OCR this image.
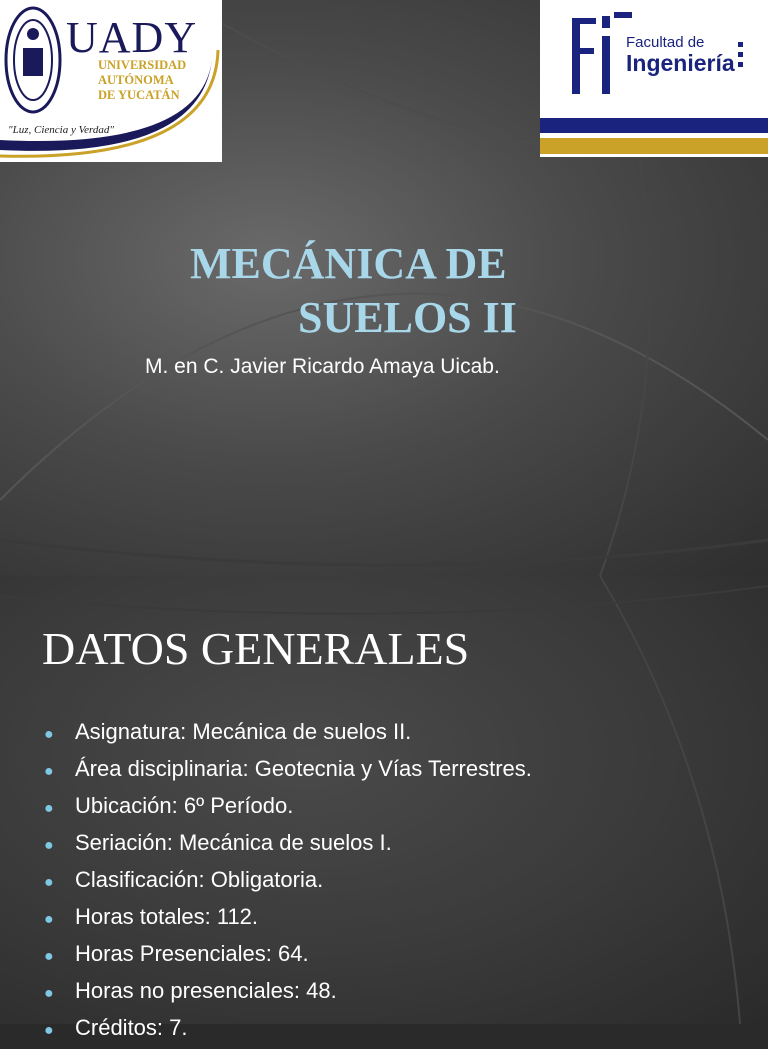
UADY
UNIVERSIDAD
AUTÓNOMA
DE YUCATÁN
"Luz, Ciencia y Verdad"
Facultad de
Ingeniería
MECÁNICA DE
SUELOS II
M. en C. Javier Ricardo Amaya Uicab.
DATOS GENERALES
● Asignatura: Mecánica de suelos II.
● Área disciplinaria: Geotecnia y Vías Terrestres.
● Ubicación: 6º Período.
● Seriación: Mecánica de suelos I.
● Clasificación: Obligatoria.
● Horas totales: 112.
● Horas Presenciales: 64.
● Horas no presenciales: 48.
● Créditos: 7.
